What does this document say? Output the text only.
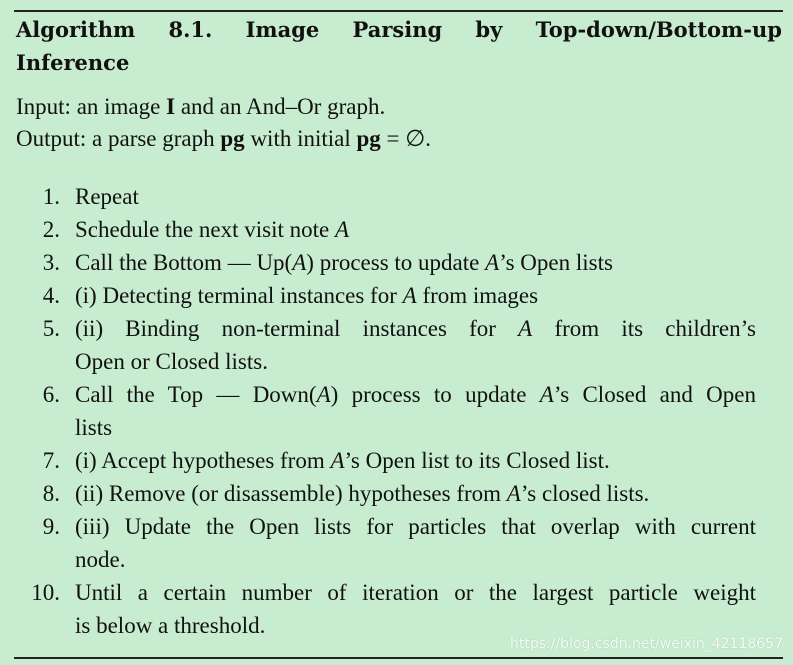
Algorithm 8.1. Image Parsing by Top-down/Bottom-up
Inference
Input: an image I and an And–Or graph.
Output: a parse graph pg with initial pg = ∅.
1. Repeat
2. Schedule the next visit note A
3. Call the Bottom — Up(A) process to update A’s Open lists
4. (i) Detecting terminal instances for A from images
5. (ii) Binding non-terminal instances for A from its children’s
Open or Closed lists.
6. Call the Top — Down(A) process to update A’s Closed and Open
lists
7. (i) Accept hypotheses from A’s Open list to its Closed list.
8. (ii) Remove (or disassemble) hypotheses from A’s closed lists.
9. (iii) Update the Open lists for particles that overlap with current
node.
10. Until a certain number of iteration or the largest particle weight
is below a threshold.
https://blog.csdn.net/weixin_42118657
